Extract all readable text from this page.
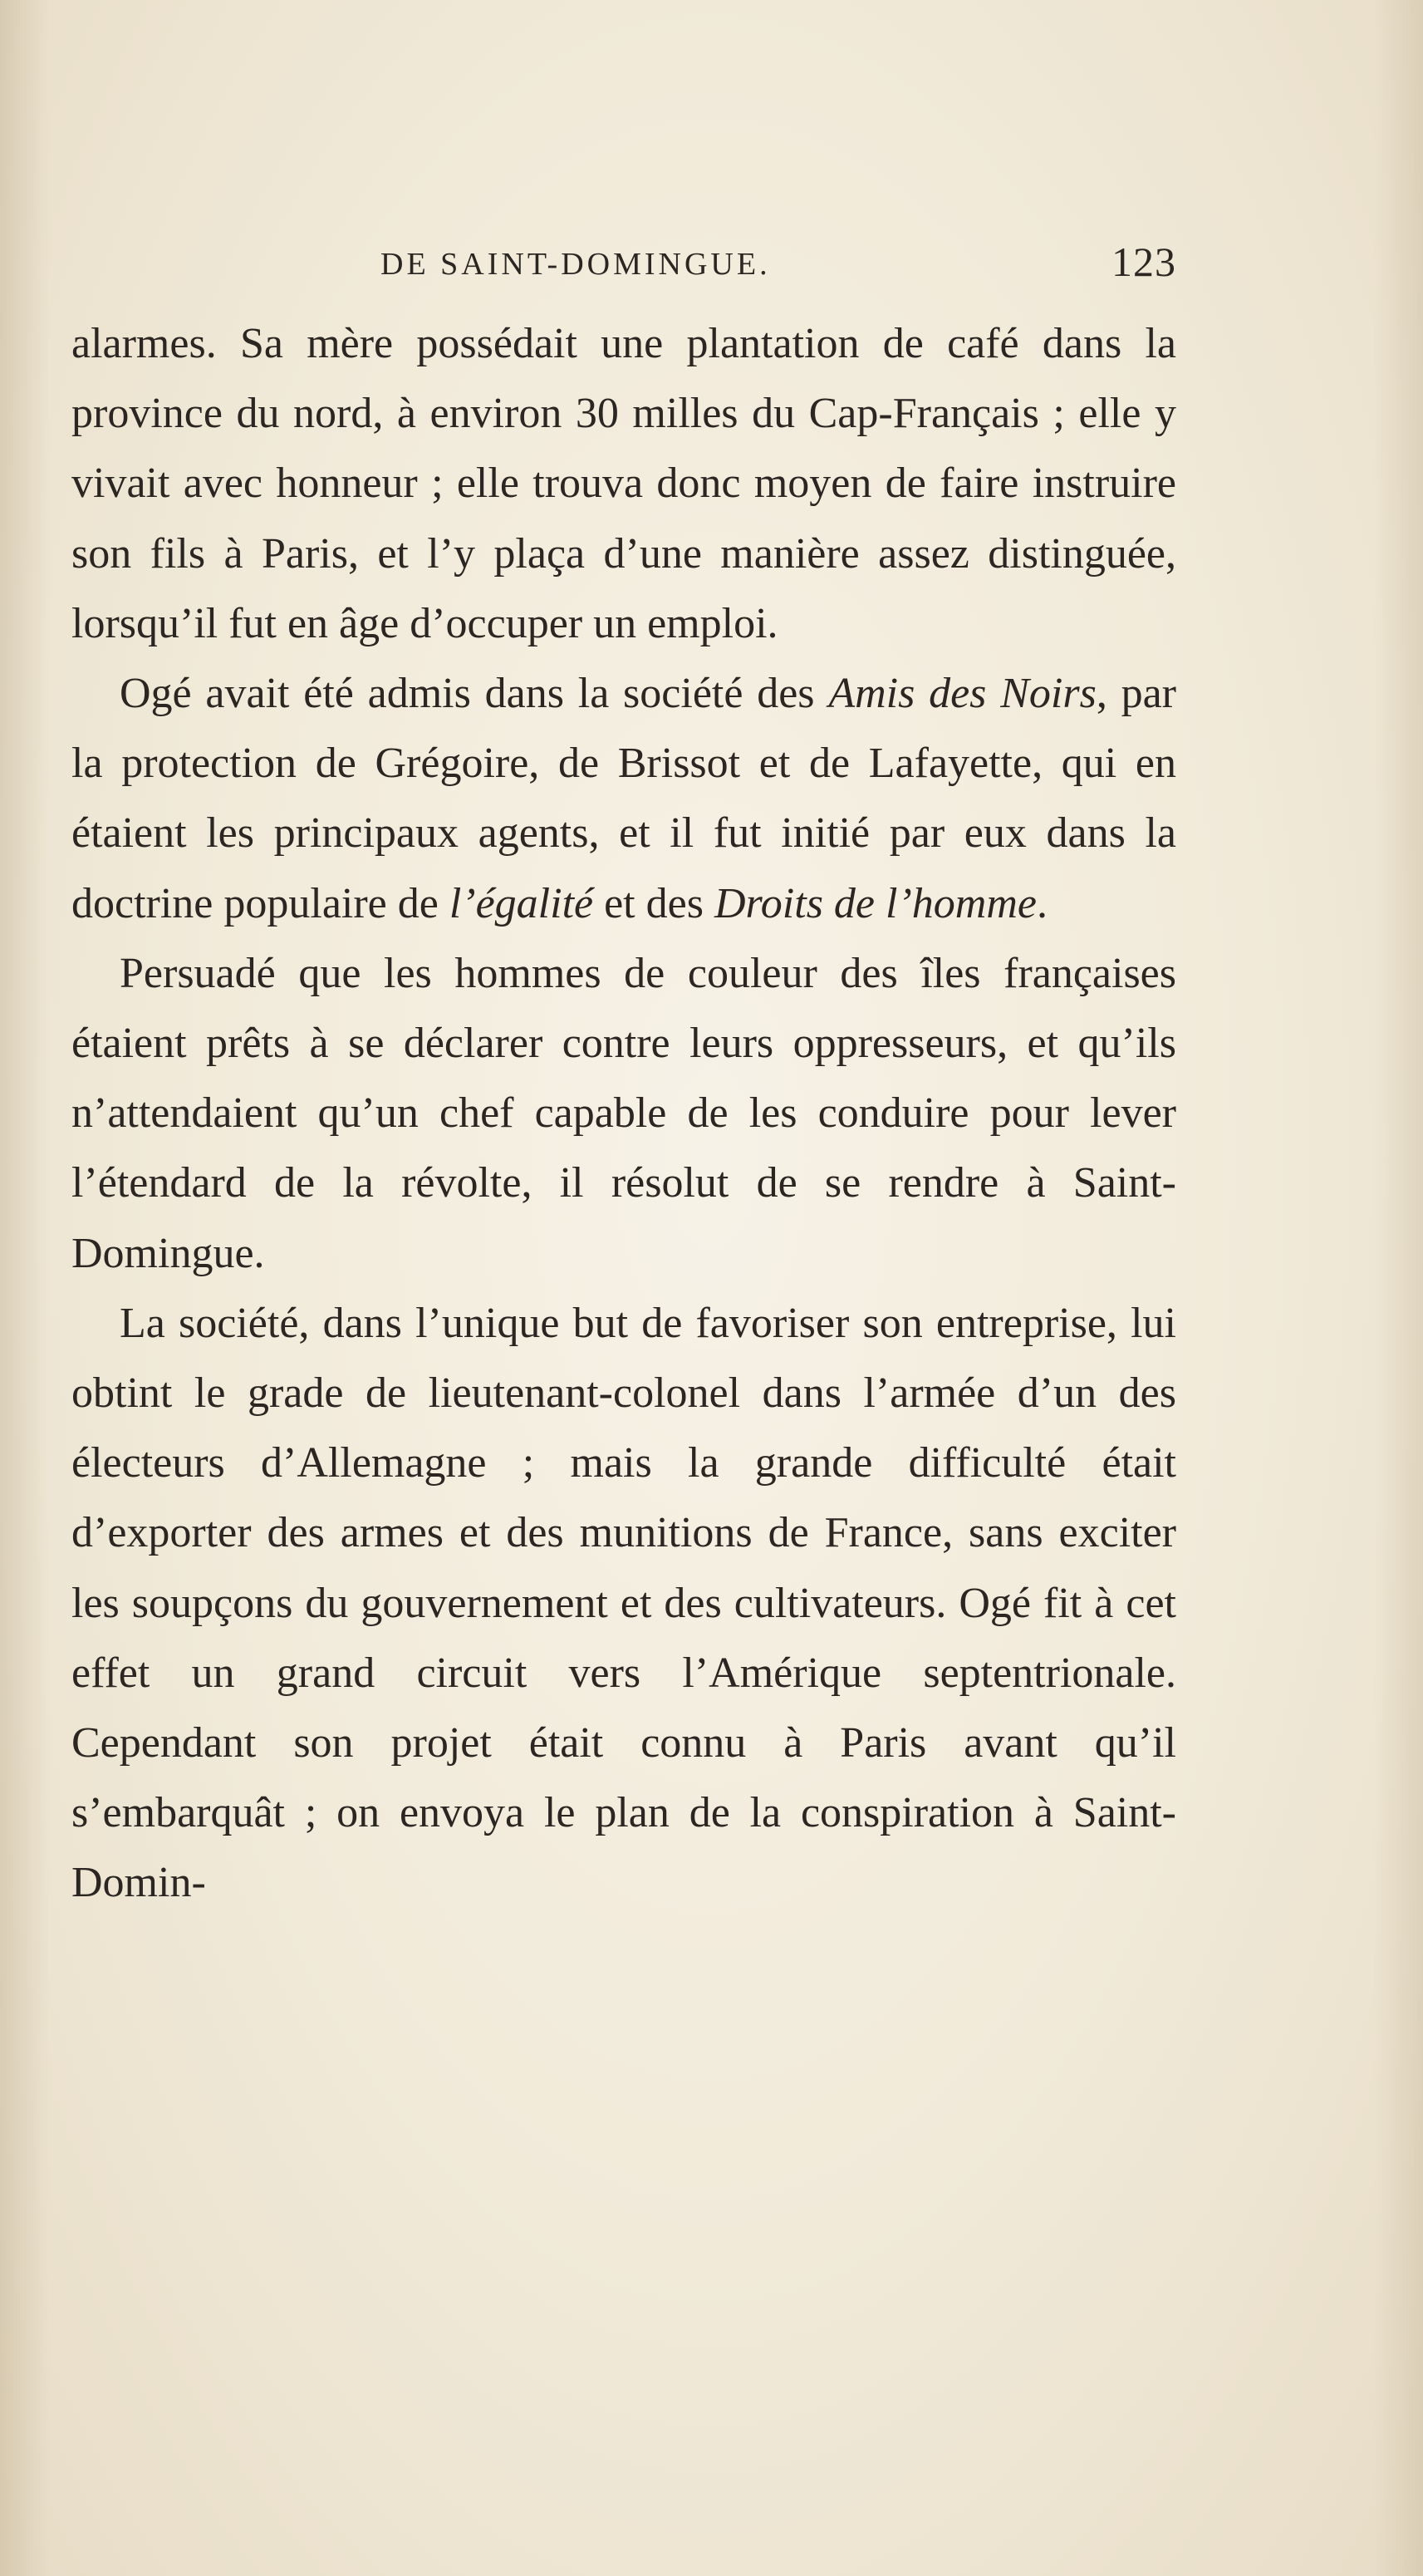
DE SAINT-DOMINGUE.	123

alarmes. Sa mère possédait une plantation de café dans la province du nord, à environ 30 milles du Cap-Français ; elle y vivait avec honneur ; elle trouva donc moyen de faire instruire son fils à Paris, et l’y plaça d’une manière assez distinguée, lorsqu’il fut en âge d’occuper un emploi.

Ogé avait été admis dans la société des Amis des Noirs, par la protection de Grégoire, de Brissot et de Lafayette, qui en étaient les principaux agents, et il fut initié par eux dans la doctrine populaire de l’égalité et des Droits de l’homme.

Persuadé que les hommes de couleur des îles françaises étaient prêts à se déclarer contre leurs oppresseurs, et qu’ils n’attendaient qu’un chef capable de les conduire pour lever l’étendard de la révolte, il résolut de se rendre à Saint-Domingue.

La société, dans l’unique but de favoriser son entreprise, lui obtint le grade de lieutenant-colonel dans l’armée d’un des électeurs d’Allemagne ; mais la grande difficulté était d’exporter des armes et des munitions de France, sans exciter les soupçons du gouvernement et des cultivateurs. Ogé fit à cet effet un grand circuit vers l’Amérique septentrionale. Cependant son projet était connu à Paris avant qu’il s’embarquât ; on envoya le plan de la conspiration à Saint-Domin-
